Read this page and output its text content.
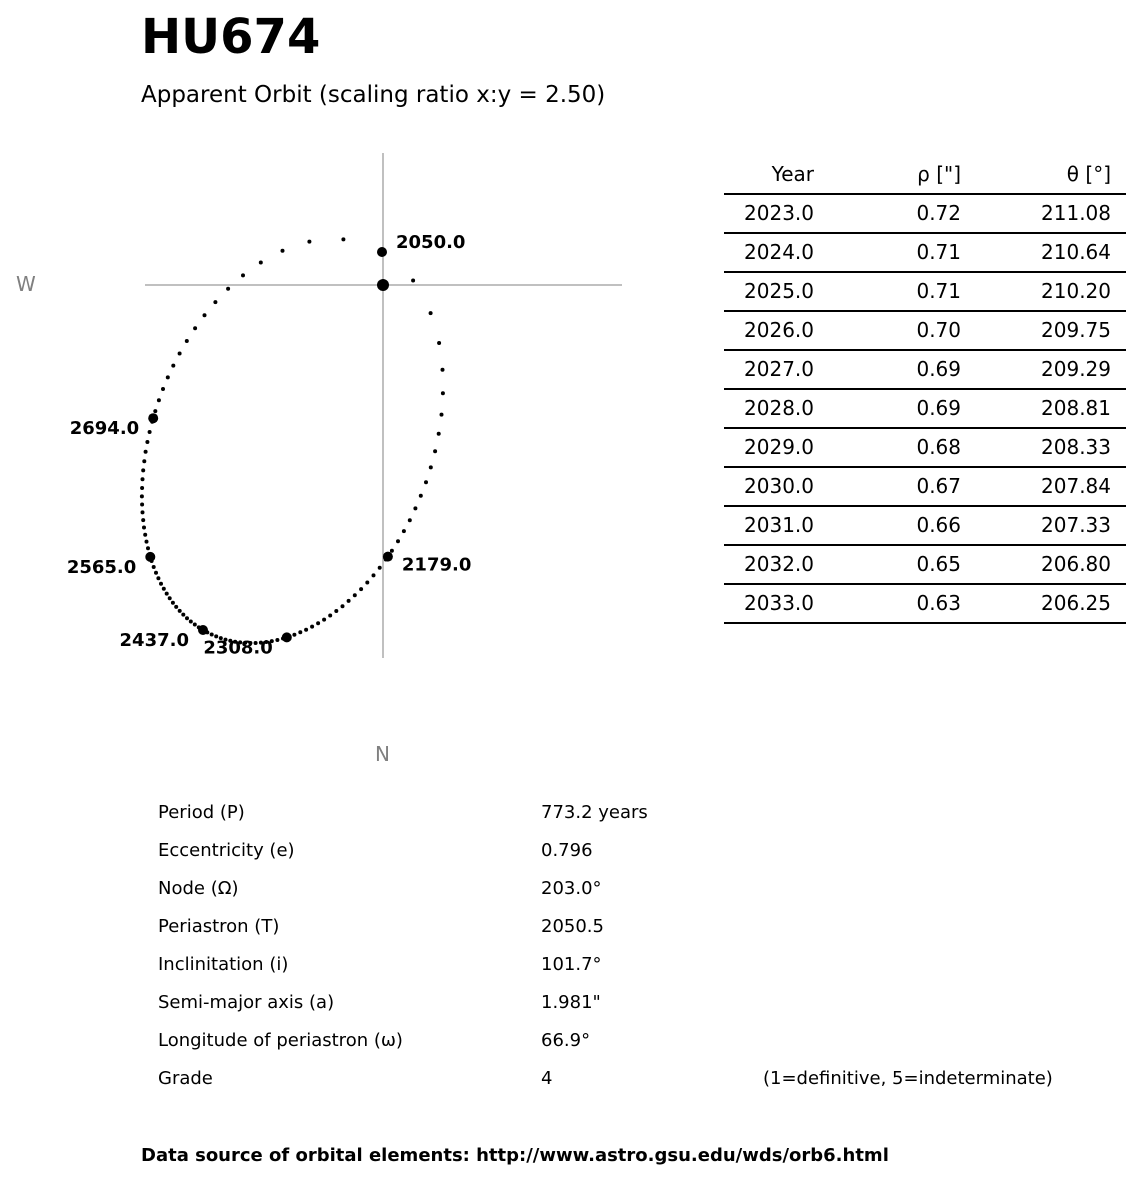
HU674
Apparent Orbit (scaling ratio x:y = 2.50)
2050.0
2179.0
2308.0
2437.0
2565.0
2694.0
W
N
Year	ρ ["]	θ [°]
2023.0	0.72	211.08
2024.0	0.71	210.64
2025.0	0.71	210.20
2026.0	0.70	209.75
2027.0	0.69	209.29
2028.0	0.69	208.81
2029.0	0.68	208.33
2030.0	0.67	207.84
2031.0	0.66	207.33
2032.0	0.65	206.80
2033.0	0.63	206.25
Period (P)	773.2 years
Eccentricity (e)	0.796
Node (Ω)	203.0°
Periastron (T)	2050.5
Inclinitation (i)	101.7°
Semi-major axis (a)	1.981"
Longitude of periastron (ω)	66.9°
Grade	4	(1=definitive, 5=indeterminate)
Data source of orbital elements: http://www.astro.gsu.edu/wds/orb6.html
